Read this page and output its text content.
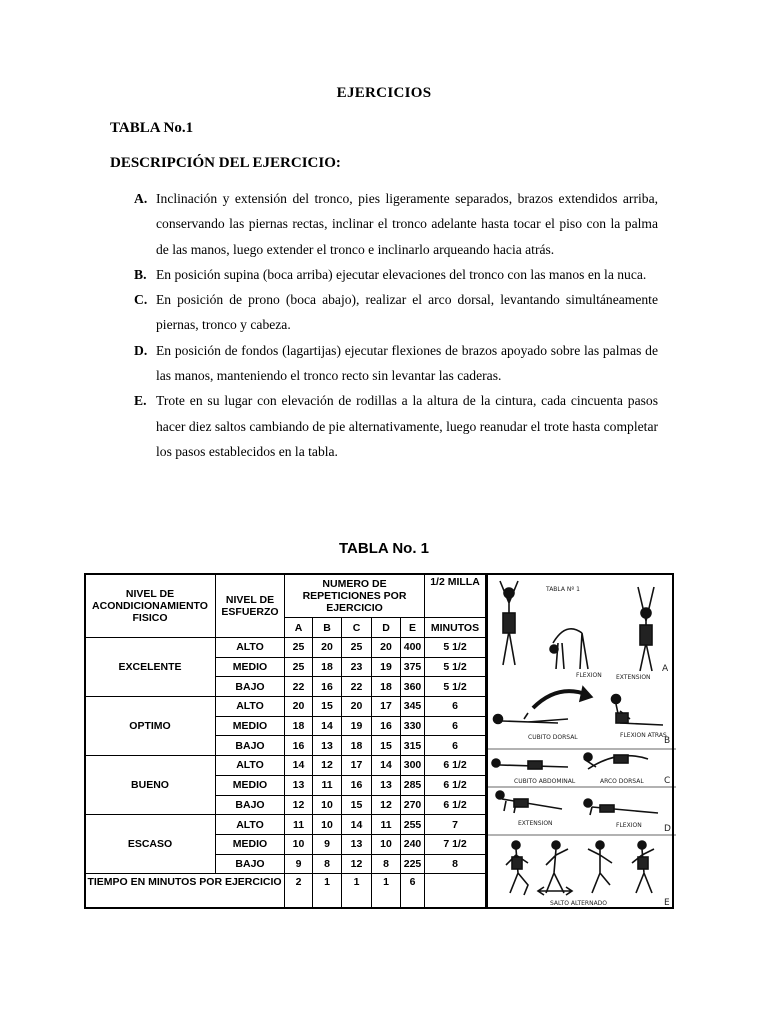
EJERCICIOS
TABLA No.1
DESCRIPCIÓN DEL EJERCICIO:
A. Inclinación y extensión del tronco, pies ligeramente separados, brazos extendidos arriba, conservando las piernas rectas, inclinar el tronco adelante hasta tocar el piso con la palma de las manos, luego extender el tronco e inclinarlo arqueando hacia atrás.
B. En posición supina (boca arriba) ejecutar elevaciones del tronco con las manos en la nuca.
C. En posición de prono (boca abajo), realizar el arco dorsal, levantando simultáneamente piernas, tronco y cabeza.
D. En posición de fondos (lagartijas) ejecutar flexiones de brazos apoyado sobre las palmas de las manos, manteniendo el tronco recto sin levantar las caderas.
E. Trote en su lugar con elevación de rodillas a la altura de la cintura, cada cincuenta pasos hacer diez saltos cambiando de pie alternativamente, luego reanudar el trote hasta completar los pasos establecidos en la tabla.
TABLA No. 1
NIVEL DE ACONDICIONAMIENTO FISICO	NIVEL DE ESFUERZO	NUMERO DE REPETICIONES POR EJERCICIO					1/2 MILLA
		A	B	C	D	E	MINUTOS
EXCELENTE	ALTO	25	20	25	20	400	5 1/2
	MEDIO	25	18	23	19	375	5 1/2
	BAJO	22	16	22	18	360	5 1/2
OPTIMO	ALTO	20	15	20	17	345	6
	MEDIO	18	14	19	16	330	6
	BAJO	16	13	18	15	315	6
BUENO	ALTO	14	12	17	14	300	6 1/2
	MEDIO	13	11	16	13	285	6 1/2
	BAJO	12	10	15	12	270	6 1/2
ESCASO	ALTO	11	10	14	11	255	7
	MEDIO	10	9	13	10	240	7 1/2
	BAJO	9	8	12	8	225	8
TIEMPO EN MINUTOS POR EJERCICIO		2	1	1	1	6	
TABLA Nº 1
FLEXION EXTENSION
A
CUBITO DORSAL	FLEXION ATRAS
B
CUBITO ABDOMINAL	ARCO DORSAL C
EXTENSION	FLEXION D
SALTO ALTERNADO	E
